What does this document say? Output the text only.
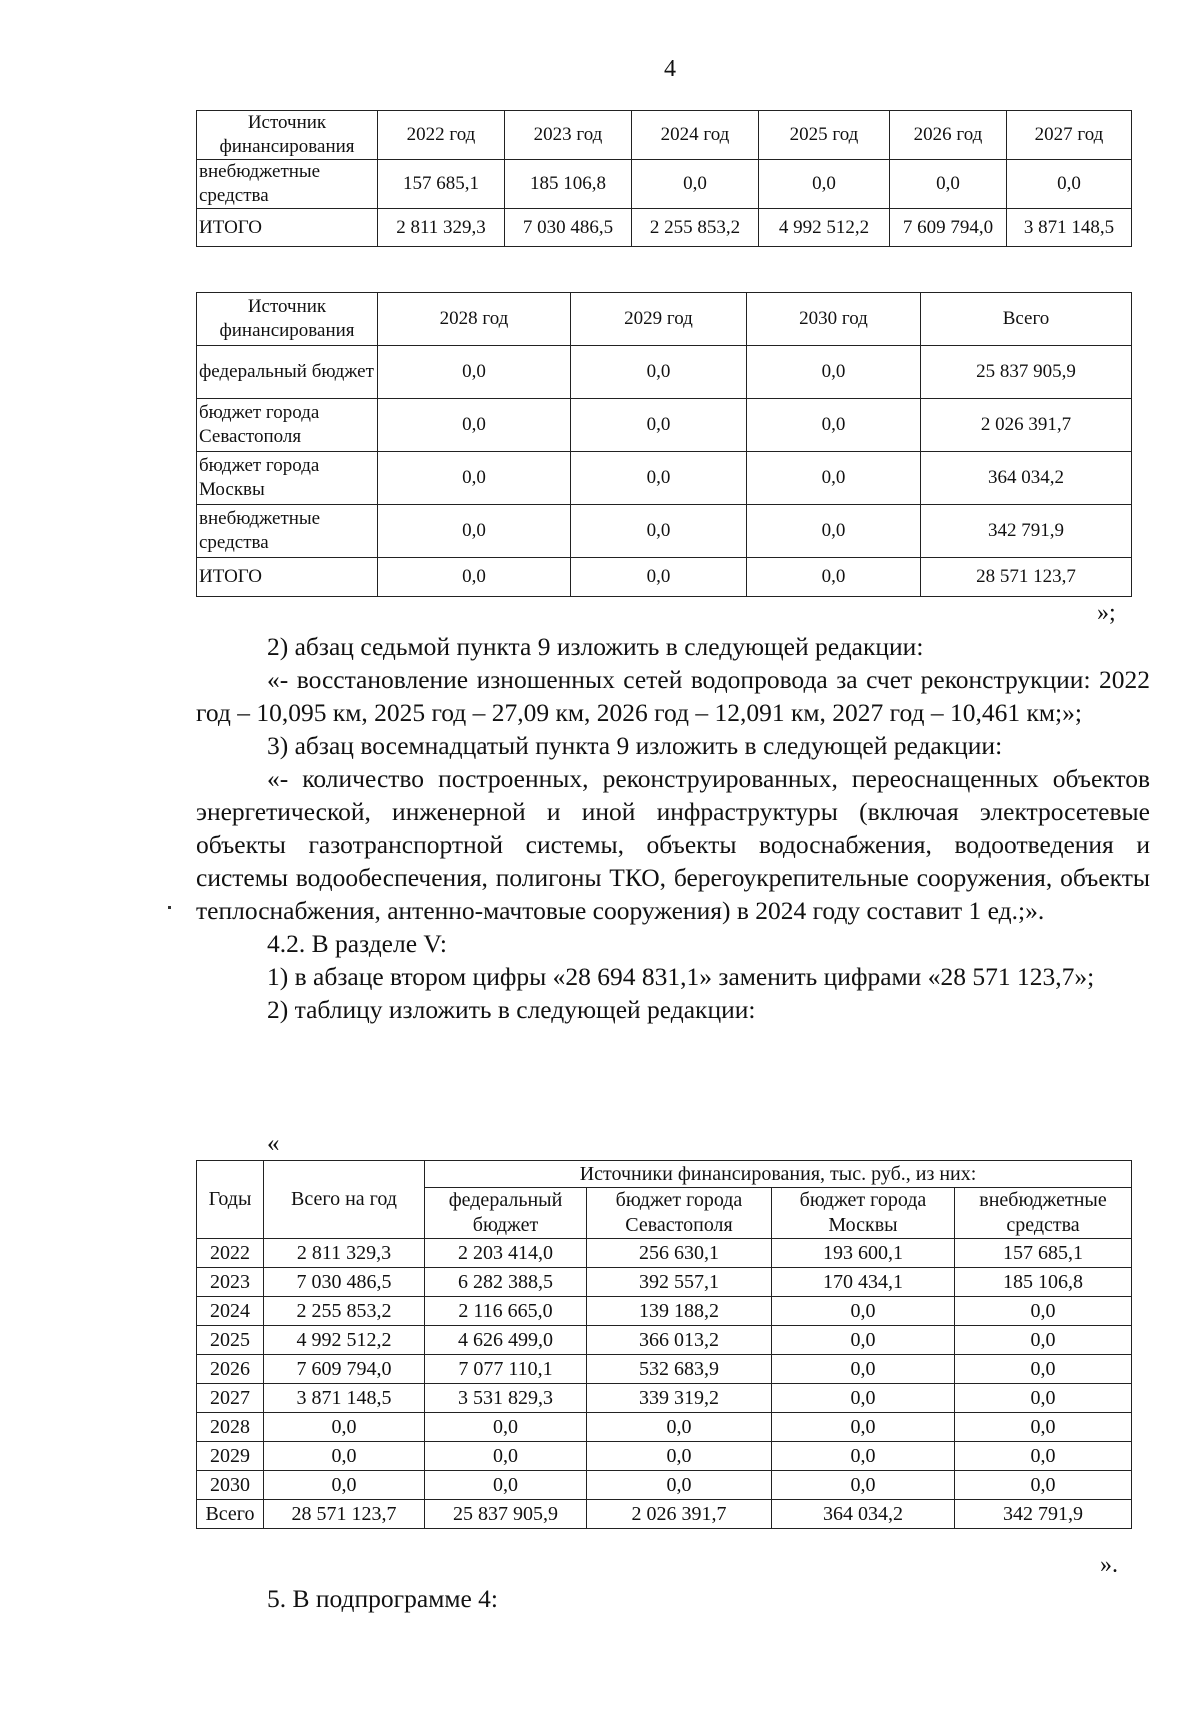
4
Источник финансирования	2022 год	2023 год	2024 год	2025 год	2026 год	2027 год
внебюджетные средства	157 685,1	185 106,8	0,0	0,0	0,0	0,0
ИТОГО	2 811 329,3	7 030 486,5	2 255 853,2	4 992 512,2	7 609 794,0	3 871 148,5
Источник финансирования	2028 год	2029 год	2030 год	Всего
федеральный бюджет	0,0	0,0	0,0	25 837 905,9
бюджет города Севастополя	0,0	0,0	0,0	2 026 391,7
бюджет города Москвы	0,0	0,0	0,0	364 034,2
внебюджетные средства	0,0	0,0	0,0	342 791,9
ИТОГО	0,0	0,0	0,0	28 571 123,7
»;

2) абзац седьмой пункта 9 изложить в следующей редакции:

«- восстановление изношенных сетей водопровода за счет реконструкции: 2022 год – 10,095 км, 2025 год – 27,09 км, 2026 год – 12,091 км, 2027 год – 10,461 км;»;

3) абзац восемнадцатый пункта 9 изложить в следующей редакции:

«- количество построенных, реконструированных, переоснащенных объектов энергетической, инженерной и иной инфраструктуры (включая электросетевые объекты газотранспортной системы, объекты водоснабжения, водоотведения и системы водообеспечения, полигоны ТКО, берегоукрепительные сооружения, объекты теплоснабжения, антенно-мачтовые сооружения) в 2024 году составит 1 ед.;».

4.2. В разделе V:

1) в абзаце втором цифры «28 694 831,1» заменить цифрами «28 571 123,7»;

2) таблицу изложить в следующей редакции:

«
Годы	Всего на год	Источники финансирования, тыс. руб., из них:			
		федеральный бюджет	бюджет города Севастополя	бюджет города Москвы	внебюджетные средства
2022	2 811 329,3	2 203 414,0	256 630,1	193 600,1	157 685,1
2023	7 030 486,5	6 282 388,5	392 557,1	170 434,1	185 106,8
2024	2 255 853,2	2 116 665,0	139 188,2	0,0	0,0
2025	4 992 512,2	4 626 499,0	366 013,2	0,0	0,0
2026	7 609 794,0	7 077 110,1	532 683,9	0,0	0,0
2027	3 871 148,5	3 531 829,3	339 319,2	0,0	0,0
2028	0,0	0,0	0,0	0,0	0,0
2029	0,0	0,0	0,0	0,0	0,0
2030	0,0	0,0	0,0	0,0	0,0
Всего	28 571 123,7	25 837 905,9	2 026 391,7	364 034,2	342 791,9
».
5. В подпрограмме 4:
